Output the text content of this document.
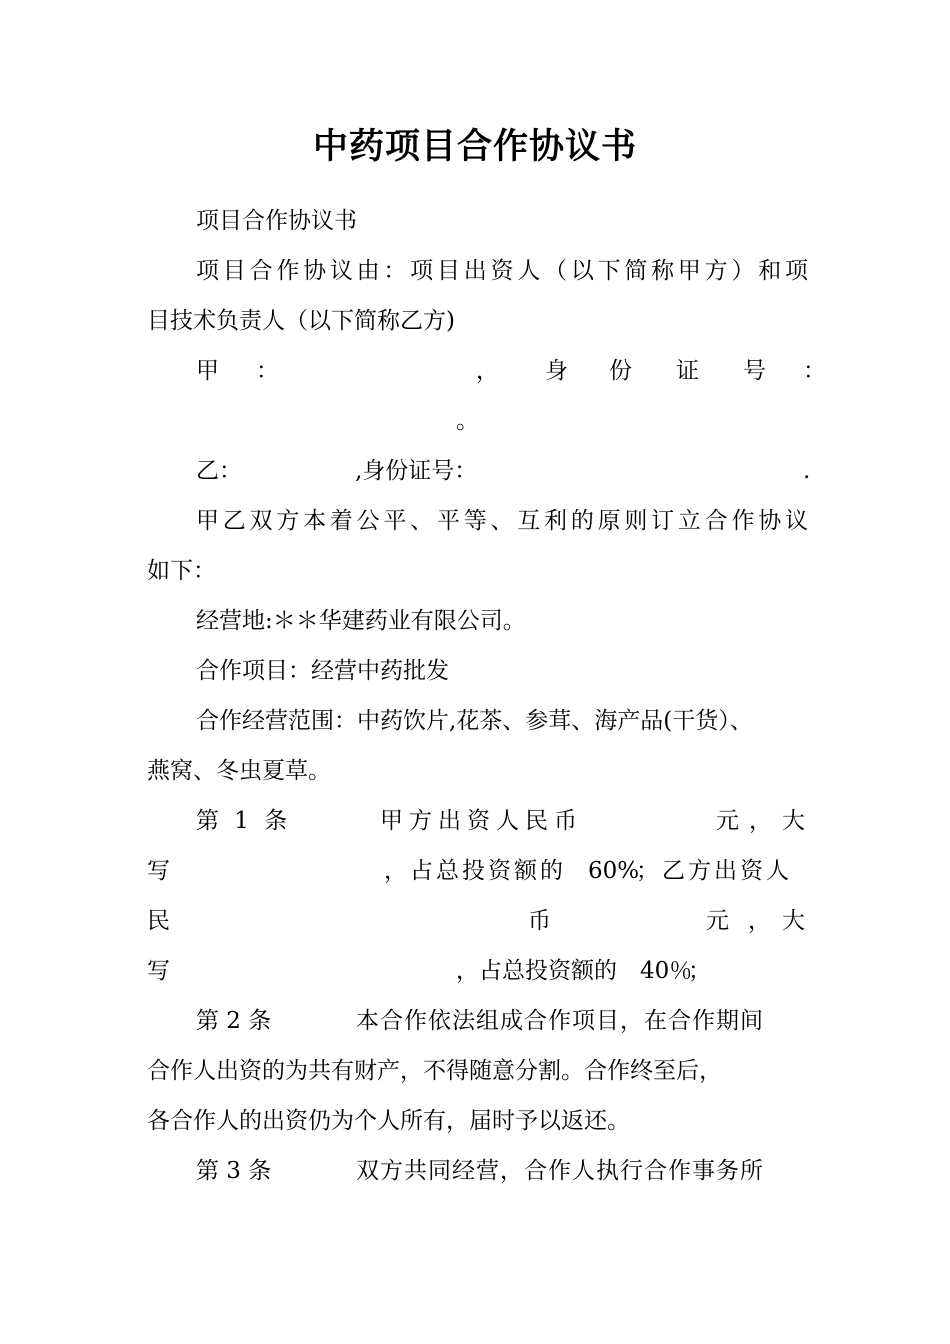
中药项目合作协议书
项目合作协议书
项目合作协议由：项目出资人（以下简称甲方）和项
目技术负责人（以下简称乙方)
甲 ：	， 身 份 证 号 ：
。
乙：	,身份证号：	.
甲乙双方本着公平、平等、互利的原则订立合作协议
如下：
经营地:＊＊华建药业有限公司。
合作项目：经营中药批发
合作经营范围：中药饮片,花茶、参茸、海产品(干货）、
燕窝、冬虫夏草。
第 1 条	甲方出资人民币	元， 大
写	，占总投资额的 60%
；乙方出资人
民	币	元 ， 大
写	，占总投资额的 40％
；
第 2 条	本合作依法组成合作项目，在合作期间
合作人出资的为共有财产，不得随意分割。合作终至后，
各合作人的出资仍为个人所有，届时予以返还。
第 3 条	双方共同经营，合作人执行合作事务所
